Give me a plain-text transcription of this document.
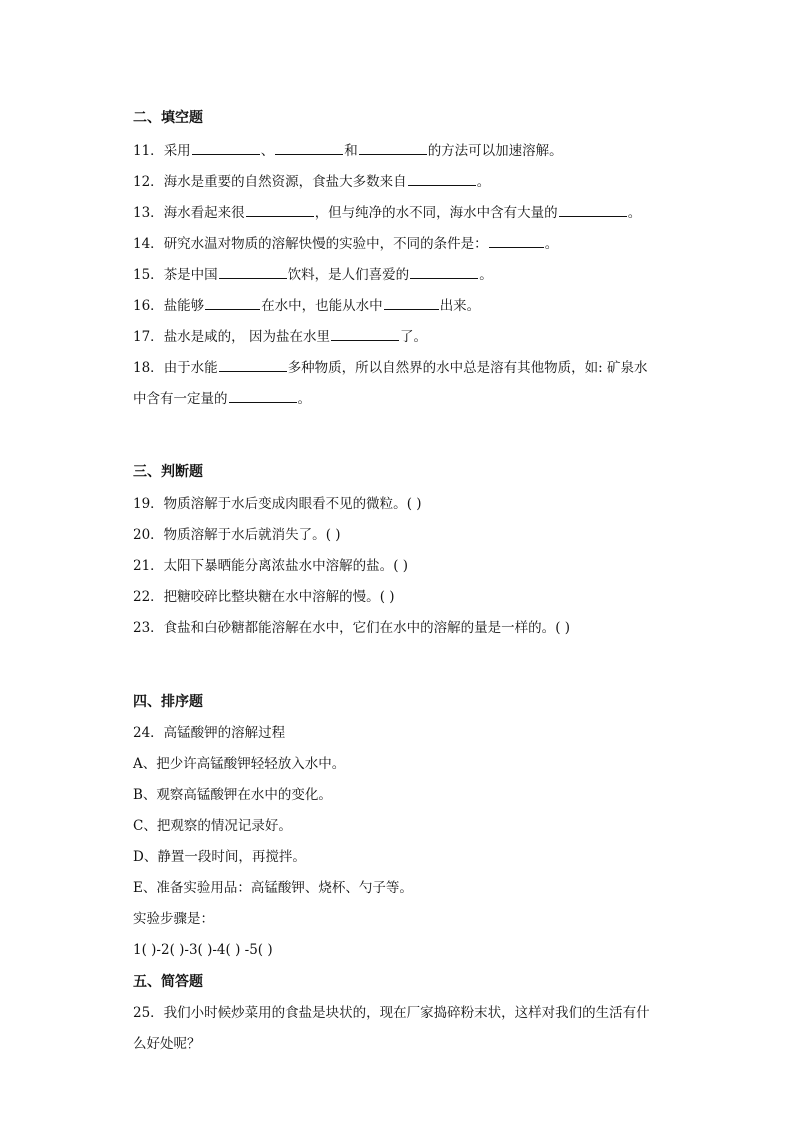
二、填空题
11．采用	、	和	的方法可以加速溶解。
12．海水是重要的自然资源，食盐大多数来自	。
13．海水看起来很	，但与纯净的水不同，海水中含有大量的	。
14．研究水温对物质的溶解快慢的实验中，不同的条件是：	。
15．茶是中国	饮料，是人们喜爱的	。
16．盐能够	在水中，也能从水中	出来。
17．盐水是咸的， 因为盐在水里	了。
18．由于水能	多种物质，所以自然界的水中总是溶有其他物质，如: 矿泉水
中含有一定量的	。
三、判断题
19．物质溶解于水后变成肉眼看不见的微粒。( )
20．物质溶解于水后就消失了。( )
21．太阳下暴晒能分离浓盐水中溶解的盐。( )
22．把糖咬碎比整块糖在水中溶解的慢。( )
23．食盐和白砂糖都能溶解在水中，它们在水中的溶解的量是一样的。( )
四、排序题
24．高锰酸钾的溶解过程
A、把少许高锰酸钾轻轻放入水中。
B、观察高锰酸钾在水中的变化。
C、把观察的情况记录好。
D、静置一段时间，再搅拌。
E、准备实验用品：高锰酸钾、烧杯、勺子等。
实验步骤是：
1( )-2( )-3( )-4( ) -5( )
五、简答题
25．我们小时候炒菜用的食盐是块状的，现在厂家捣碎粉末状，这样对我们的生活有什
么好处呢？
